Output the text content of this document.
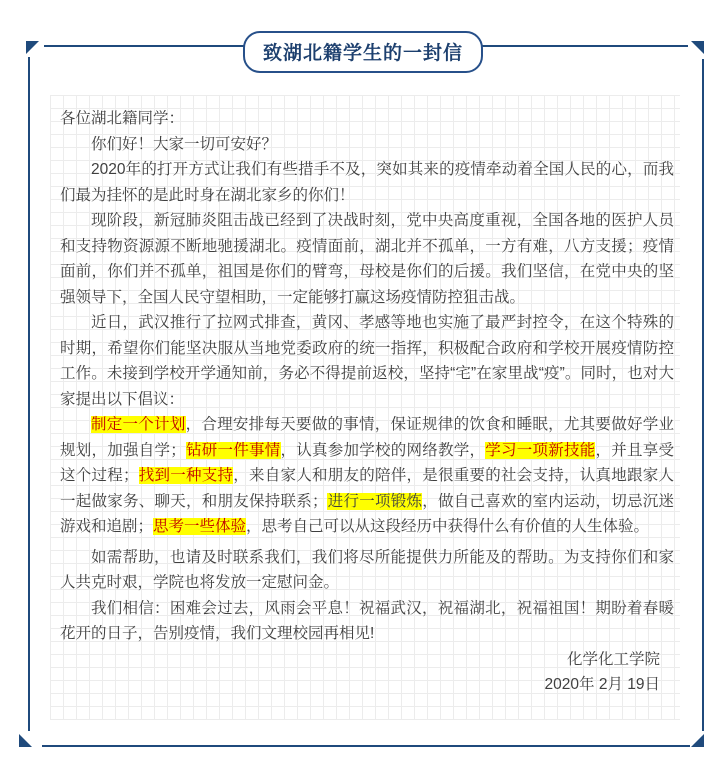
致湖北籍学生的一封信

各位湖北籍同学：

你们好！大家一切可安好？

2020年的打开方式让我们有些措手不及，突如其来的疫情牵动着全国人民的心，而我们最为挂怀的是此时身在湖北家乡的你们！

现阶段，新冠肺炎阻击战已经到了决战时刻，党中央高度重视，全国各地的医护人员和支持物资源源不断地驰援湖北。疫情面前，湖北并不孤单，一方有难，八方支援；疫情面前，你们并不孤单，祖国是你们的臂弯，母校是你们的后援。我们坚信，在党中央的坚强领导下，全国人民守望相助，一定能够打赢这场疫情防控狙击战。

近日，武汉推行了拉网式排查，黄冈、孝感等地也实施了最严封控令，在这个特殊的时期，希望你们能坚决服从当地党委政府的统一指挥，积极配合政府和学校开展疫情防控工作。未接到学校开学通知前，务必不得提前返校，坚持“宅”在家里战“疫”。同时，也对大家提出以下倡议：

制定一个计划，合理安排每天要做的事情，保证规律的饮食和睡眠，尤其要做好学业规划，加强自学；钻研一件事情，认真参加学校的网络教学，学习一项新技能，并且享受这个过程；找到一种支持，来自家人和朋友的陪伴，是很重要的社会支持，认真地跟家人一起做家务、聊天，和朋友保持联系；进行一项锻炼，做自己喜欢的室内运动，切忌沉迷游戏和追剧；思考一些体验，思考自己可以从这段经历中获得什么有价值的人生体验。

如需帮助，也请及时联系我们，我们将尽所能提供力所能及的帮助。为支持你们和家人共克时艰，学院也将发放一定慰问金。

我们相信：困难会过去，风雨会平息！祝福武汉，祝福湖北，祝福祖国！期盼着春暖花开的日子，告别疫情，我们文理校园再相见!

化学化工学院

2020年 2月 19日
